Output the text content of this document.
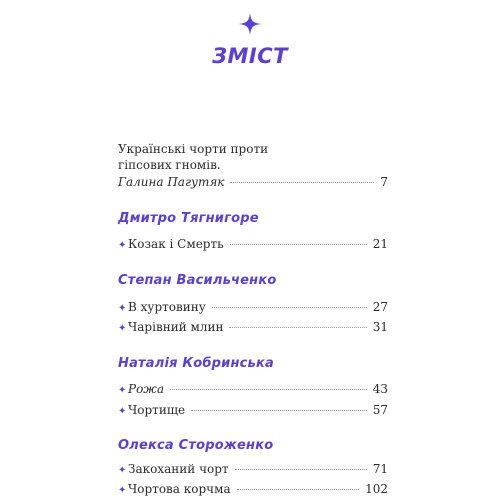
ЗМІСТ
Українські чорти проти
гіпсових гномів.
Галина Пагутяк	7
Дмитро Тягнигоре
✦ Козак і Смерть	21
Степан Васильченко
✦ В хуртовину	27
✦ Чарівний млин	31
Наталія Кобринська
✦ Рожа	43
✦ Чортище	57
Олекса Стороженко
✦ Закоханий чорт	71
✦ Чортова корчма	102
